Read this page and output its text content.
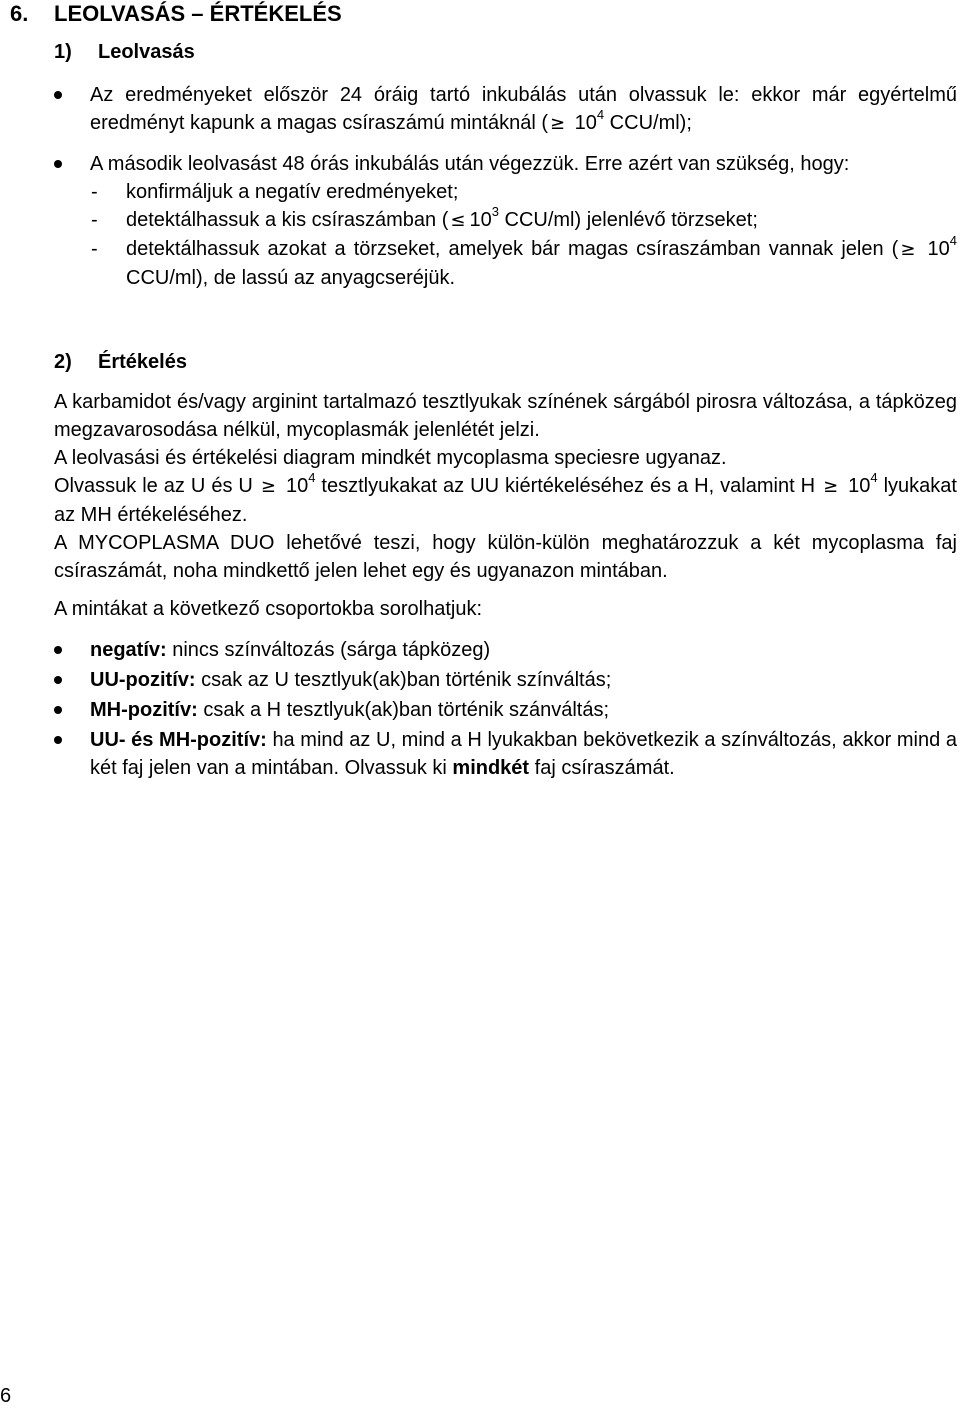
6. LEOLVASÁS – ÉRTÉKELÉS
1) Leolvasás
Az eredményeket először 24 óráig tartó inkubálás után olvassuk le: ekkor már egyértelmű eredményt kapunk a magas csíraszámú mintáknál ( ≥ $10^4$ CCU/ml);
A második leolvasást 48 órás inkubálás után végezzük. Erre azért van szükség, hogy:
- konfirmáljuk a negatív eredményeket;
- detektálhassuk a kis csíraszámban ( ≤ $10^3$ CCU/ml) jelenlévő törzseket;
- detektálhassuk azokat a törzseket, amelyek bár magas csíraszámban vannak jelen ( ≥ $10^4$ CCU/ml), de lassú az anyagcseréjük.
2) Értékelés

A karbamidot és/vagy arginint tartalmazó tesztlyukak színének sárgából pirosra változása, a tápközeg megzavarosodása nélkül, mycoplasmák jelenlétét jelzi.

A leolvasási és értékelési diagram mindkét mycoplasma speciesre ugyanaz.

Olvassuk le az U és $U \ge 10^4$ tesztlyukakat az UU kiértékeléséhez és a H, valamint $H \ge 10^4$ lyukakat az MH értékeléséhez.

A MYCOPLASMA DUO lehetővé teszi, hogy külön-külön meghatározzuk a két mycoplasma faj csíraszámát, noha mindkettő jelen lehet egy és ugyanazon mintában.

A mintákat a következő csoportokba sorolhatjuk:

negatív: nincs színváltozás (sárga tápközeg)
UU-pozitív: csak az U tesztlyuk(ak)ban történik színváltás;
MH-pozitív: csak a H tesztlyuk(ak)ban történik szánváltás;
UU- és MH-pozitív: ha mind az U, mind a H lyukakban bekövetkezik a színváltozás, akkor mind a két faj jelen van a mintában. Olvassuk ki mindkét faj csíraszámát.
6
